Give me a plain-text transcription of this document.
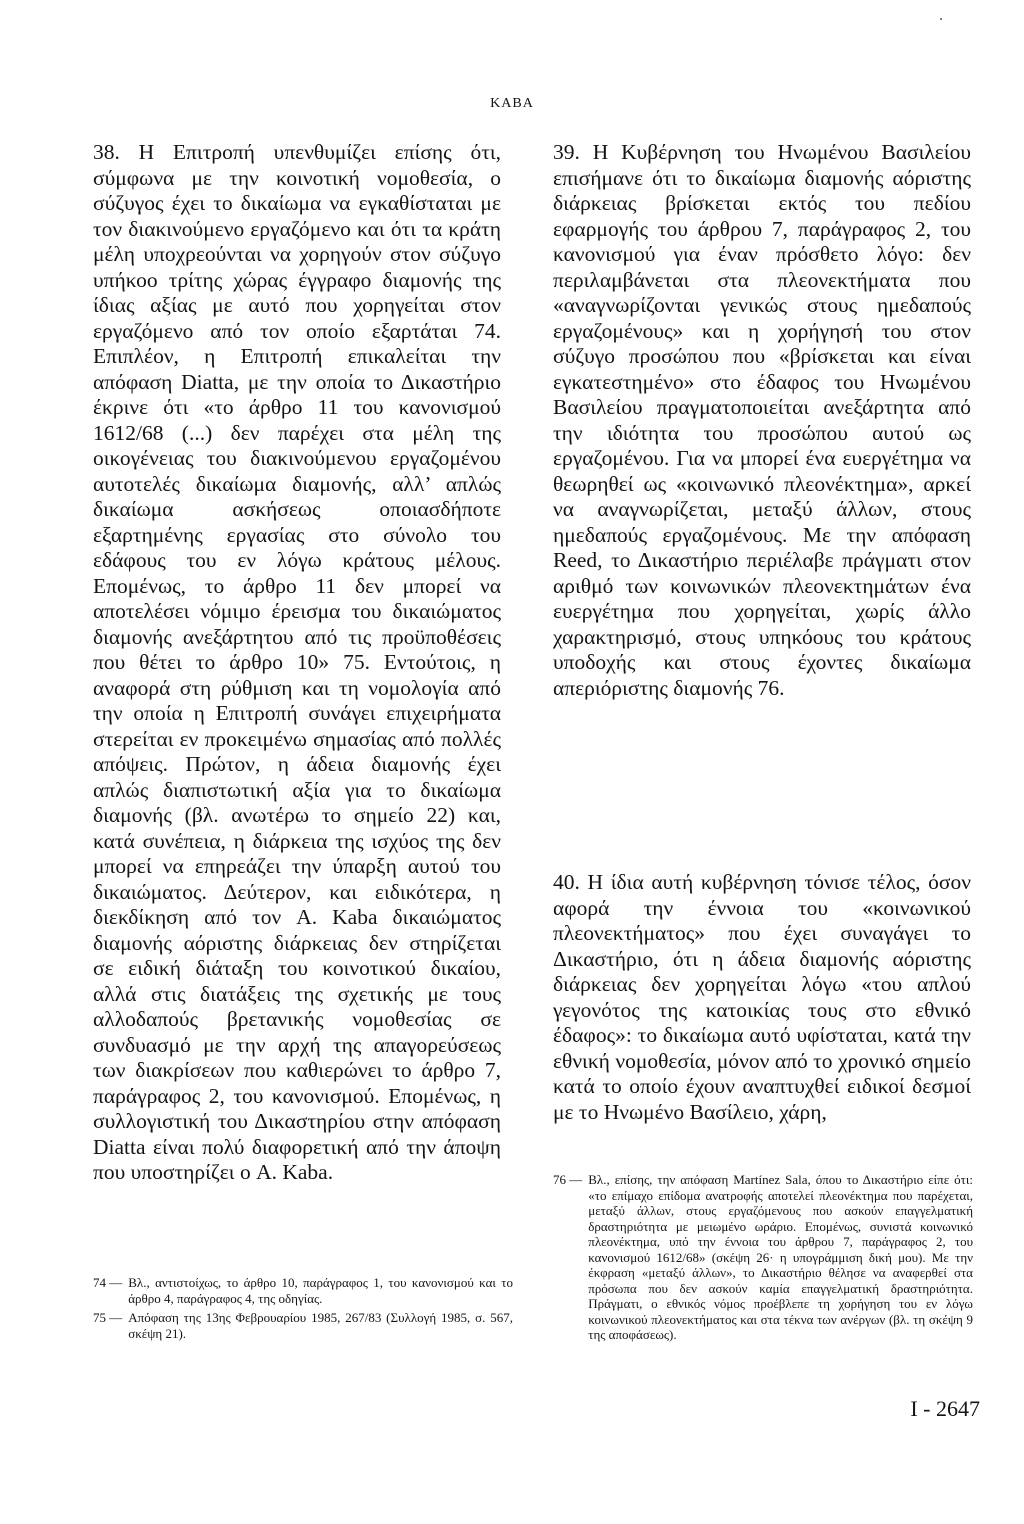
KABA

38. Η Επιτροπή υπενθυμίζει επίσης ότι, σύμφωνα με την κοινοτική νομοθεσία, ο σύζυγος έχει το δικαίωμα να εγκαθίσταται με τον διακινούμενο εργαζόμενο και ότι τα κράτη μέλη υποχρεούνται να χορηγούν στον σύζυγο υπήκοο τρίτης χώρας έγγραφο διαμονής της ίδιας αξίας με αυτό που χορηγείται στον εργαζόμενο από τον οποίο εξαρτάται 74. Επιπλέον, η Επιτροπή επικαλείται την απόφαση Diatta, με την οποία το Δικαστήριο έκρινε ότι «το άρθρο 11 του κανονισμού 1612/68 (...) δεν παρέχει στα μέλη της οικογένειας του διακινούμενου εργαζομένου αυτοτελές δικαίωμα διαμονής, αλλ’ απλώς δικαίωμα ασκήσεως οποιασδήποτε εξαρτημένης εργασίας στο σύνολο του εδάφους του εν λόγω κράτους μέλους. Επομένως, το άρθρο 11 δεν μπορεί να αποτελέσει νόμιμο έρεισμα του δικαιώματος διαμονής ανεξάρτητου από τις προϋποθέσεις που θέτει το άρθρο 10» 75. Εντούτοις, η αναφορά στη ρύθμιση και τη νομολογία από την οποία η Επιτροπή συνάγει επιχειρήματα στερείται εν προκειμένω σημασίας από πολλές απόψεις. Πρώτον, η άδεια διαμονής έχει απλώς διαπιστωτική αξία για το δικαίωμα διαμονής (βλ. ανωτέρω το σημείο 22) και, κατά συνέπεια, η διάρκεια της ισχύος της δεν μπορεί να επηρεάζει την ύπαρξη αυτού του δικαιώματος. Δεύτερον, και ειδικότερα, η διεκδίκηση από τον A. Kaba δικαιώματος διαμονής αόριστης διάρκειας δεν στηρίζεται σε ειδική διάταξη του κοινοτικού δικαίου, αλλά στις διατάξεις της σχετικής με τους αλλοδαπούς βρετανικής νομοθεσίας σε συνδυασμό με την αρχή της απαγορεύσεως των διακρίσεων που καθιερώνει το άρθρο 7, παράγραφος 2, του κανονισμού. Επομένως, η συλλογιστική του Δικαστηρίου στην απόφαση Diatta είναι πολύ διαφορετική από την άποψη που υποστηρίζει ο A. Kaba.

39. Η Κυβέρνηση του Ηνωμένου Βασιλείου επισήμανε ότι το δικαίωμα διαμονής αόριστης διάρκειας βρίσκεται εκτός του πεδίου εφαρμογής του άρθρου 7, παράγραφος 2, του κανονισμού για έναν πρόσθετο λόγο: δεν περιλαμβάνεται στα πλεονεκτήματα που «αναγνωρίζονται γενικώς στους ημεδαπούς εργαζομένους» και η χορήγησή του στον σύζυγο προσώπου που «βρίσκεται και είναι εγκατεστημένο» στο έδαφος του Ηνωμένου Βασιλείου πραγματοποιείται ανεξάρτητα από την ιδιότητα του προσώπου αυτού ως εργαζομένου. Για να μπορεί ένα ευεργέτημα να θεωρηθεί ως «κοινωνικό πλεονέκτημα», αρκεί να αναγνωρίζεται, μεταξύ άλλων, στους ημεδαπούς εργαζομένους. Με την απόφαση Reed, το Δικαστήριο περιέλαβε πράγματι στον αριθμό των κοινωνικών πλεονεκτημάτων ένα ευεργέτημα που χορηγείται, χωρίς άλλο χαρακτηρισμό, στους υπηκόους του κράτους υποδοχής και στους έχοντες δικαίωμα απεριόριστης διαμονής 76.

40. Η ίδια αυτή κυβέρνηση τόνισε τέλος, όσον αφορά την έννοια του «κοινωνικού πλεονεκτήματος» που έχει συναγάγει το Δικαστήριο, ότι η άδεια διαμονής αόριστης διάρκειας δεν χορηγείται λόγω «του απλού γεγονότος της κατοικίας τους στο εθνικό έδαφος»: το δικαίωμα αυτό υφίσταται, κατά την εθνική νομοθεσία, μόνον από το χρονικό σημείο κατά το οποίο έχουν αναπτυχθεί ειδικοί δεσμοί με το Ηνωμένο Βασίλειο, χάρη,

74 — Βλ., αντιστοίχως, το άρθρο 10, παράγραφος 1, του κανονισμού και το άρθρο 4, παράγραφος 4, της οδηγίας.
75 — Απόφαση της 13ης Φεβρουαρίου 1985, 267/83 (Συλλογή 1985, σ. 567, σκέψη 21).
76 — Βλ., επίσης, την απόφαση Martínez Sala, όπου το Δικαστήριο είπε ότι: «το επίμαχο επίδομα ανατροφής αποτελεί πλεονέκτημα που παρέχεται, μεταξύ άλλων, στους εργαζόμενους που ασκούν επαγγελματική δραστηριότητα με μειωμένο ωράριο. Επομένως, συνιστά κοινωνικό πλεονέκτημα, υπό την έννοια του άρθρου 7, παράγραφος 2, του κανονισμού 1612/68» (σκέψη 26· η υπογράμμιση δική μου). Με την έκφραση «μεταξύ άλλων», το Δικαστήριο θέλησε να αναφερθεί στα πρόσωπα που δεν ασκούν καμία επαγγελματική δραστηριότητα. Πράγματι, ο εθνικός νόμος προέβλεπε τη χορήγηση του εν λόγω κοινωνικού πλεονεκτήματος και στα τέκνα των ανέργων (βλ. τη σκέψη 9 της αποφάσεως).
I - 2647
